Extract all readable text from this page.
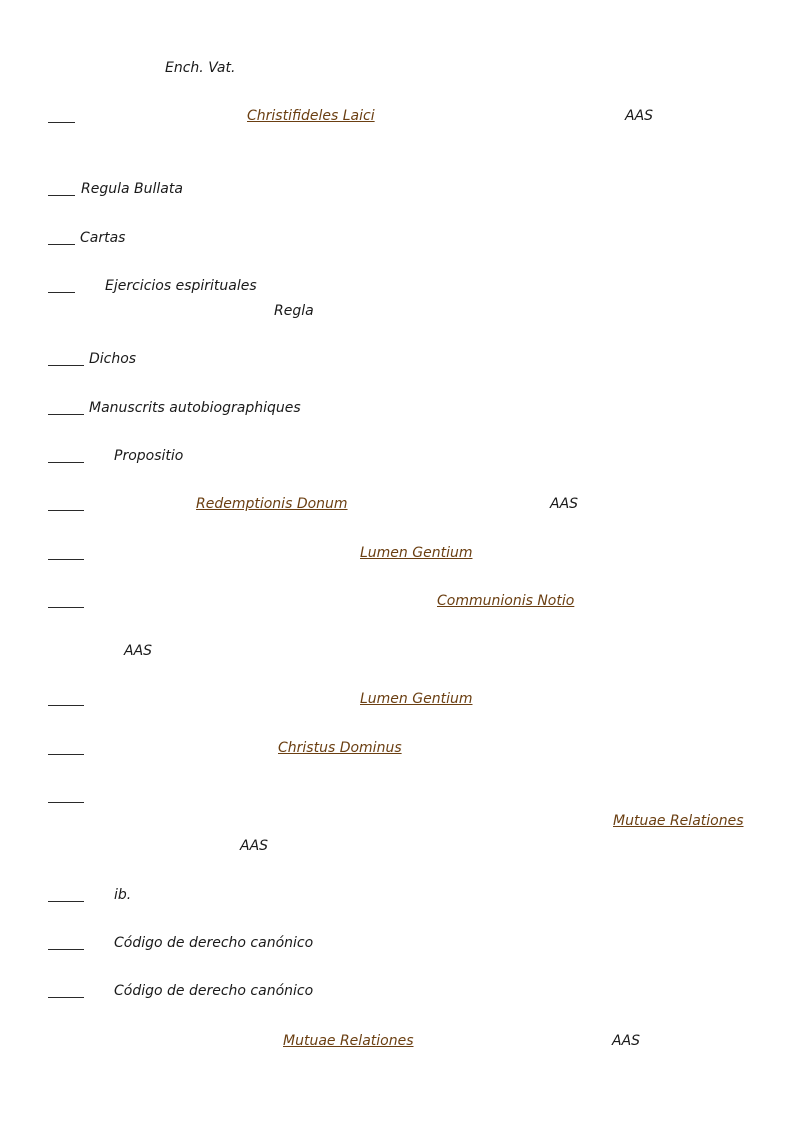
Ench. Vat.
Christifideles Laici	AAS
Regula Bullata
Cartas
Ejercicios espirituales
Regla
Dichos
Manuscrits autobiographiques
Propositio
Redemptionis Donum	AAS
Lumen Gentium
Communionis Notio
AAS
Lumen Gentium
Christus Dominus
Mutuae Relationes
AAS
ib.
Código de derecho canónico
Código de derecho canónico
Mutuae Relationes	AAS
